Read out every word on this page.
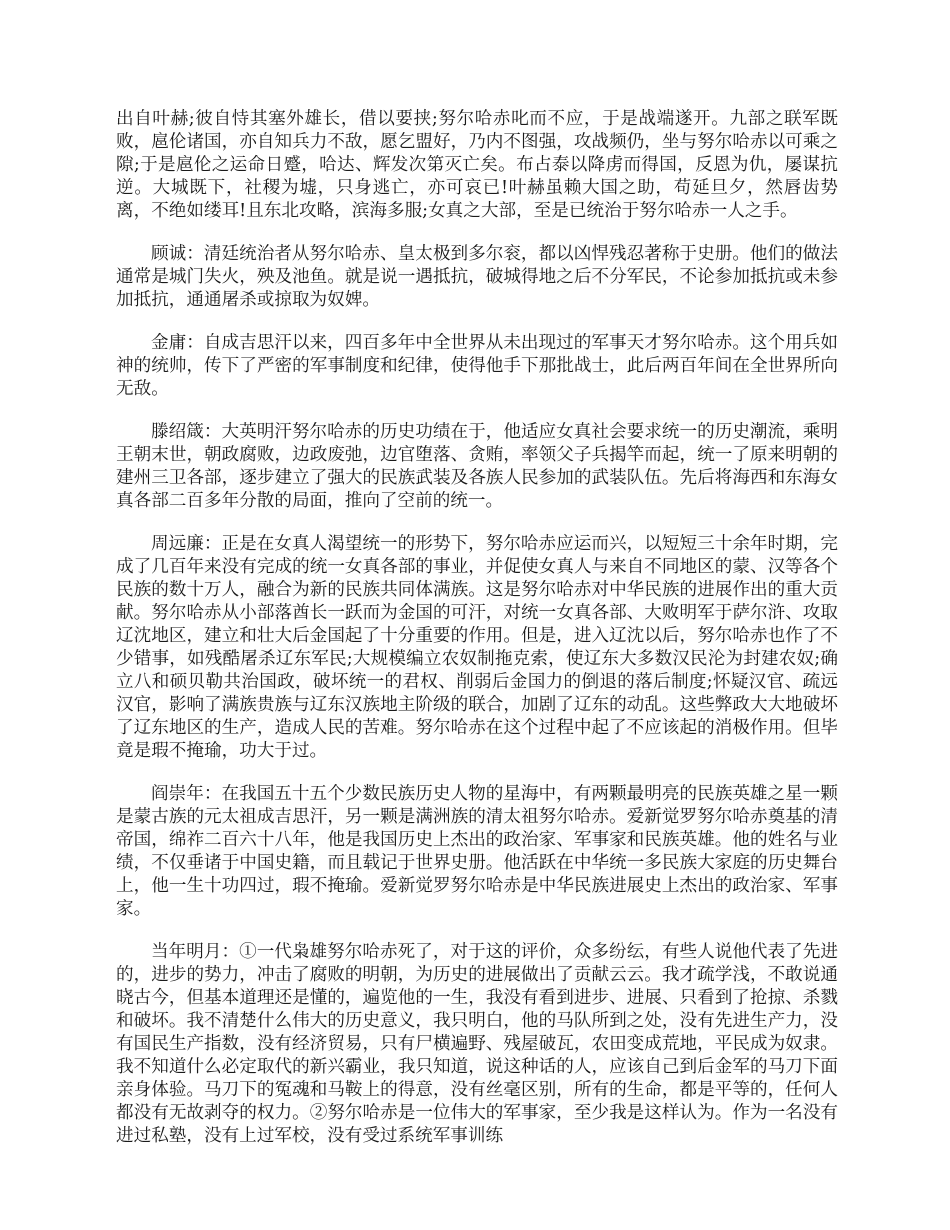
出自叶赫;彼自恃其塞外雄长，借以要挟;努尔哈赤叱而不应，于是战端遂开。九部之联军既败，扈伦诸国，亦自知兵力不敌，愿乞盟好，乃内不图强，攻战频仍，坐与努尔哈赤以可乘之隙;于是扈伦之运命日蹙，哈达、辉发次第灭亡矣。布占泰以降虏而得国，反恩为仇，屡谋抗逆。大城既下，社稷为墟，只身逃亡，亦可哀已!叶赫虽赖大国之助，苟延旦夕，然唇齿势离，不绝如缕耳!且东北攻略，滨海多服;女真之大部，至是已统治于努尔哈赤一人之手。

顾诚：清廷统治者从努尔哈赤、皇太极到多尔衮，都以凶悍残忍著称于史册。他们的做法通常是城门失火，殃及池鱼。就是说一遇抵抗，破城得地之后不分军民，不论参加抵抗或未参加抵抗，通通屠杀或掠取为奴婢。

金庸：自成吉思汗以来，四百多年中全世界从未出现过的军事天才努尔哈赤。这个用兵如神的统帅，传下了严密的军事制度和纪律，使得他手下那批战士，此后两百年间在全世界所向无敌。

滕绍箴：大英明汗努尔哈赤的历史功绩在于，他适应女真社会要求统一的历史潮流，乘明王朝末世，朝政腐败，边政废弛，边官堕落、贪贿，率领父子兵揭竿而起，统一了原来明朝的建州三卫各部，逐步建立了强大的民族武装及各族人民参加的武装队伍。先后将海西和东海女真各部二百多年分散的局面，推向了空前的统一。

周远廉：正是在女真人渴望统一的形势下，努尔哈赤应运而兴，以短短三十余年时期，完成了几百年来没有完成的统一女真各部的事业，并促使女真人与来自不同地区的蒙、汉等各个民族的数十万人，融合为新的民族共同体满族。这是努尔哈赤对中华民族的进展作出的重大贡献。努尔哈赤从小部落酋长一跃而为金国的可汗，对统一女真各部、大败明军于萨尔浒、攻取辽沈地区，建立和壮大后金国起了十分重要的作用。但是，进入辽沈以后，努尔哈赤也作了不少错事，如残酷屠杀辽东军民;大规模编立农奴制拖克索，使辽东大多数汉民沦为封建农奴;确立八和硕贝勒共治国政，破坏统一的君权、削弱后金国力的倒退的落后制度;怀疑汉官、疏远汉官，影响了满族贵族与辽东汉族地主阶级的联合，加剧了辽东的动乱。这些弊政大大地破坏了辽东地区的生产，造成人民的苦难。努尔哈赤在这个过程中起了不应该起的消极作用。但毕竟是瑕不掩瑜，功大于过。

阎崇年：在我国五十五个少数民族历史人物的星海中，有两颗最明亮的民族英雄之星一颗是蒙古族的元太祖成吉思汗，另一颗是满洲族的清太祖努尔哈赤。爱新觉罗努尔哈赤奠基的清帝国，绵祚二百六十八年，他是我国历史上杰出的政治家、军事家和民族英雄。他的姓名与业绩，不仅垂诸于中国史籍，而且载记于世界史册。他活跃在中华统一多民族大家庭的历史舞台上，他一生十功四过，瑕不掩瑜。爱新觉罗努尔哈赤是中华民族进展史上杰出的政治家、军事家。

当年明月：①一代枭雄努尔哈赤死了，对于这的评价，众多纷纭，有些人说他代表了先进的，进步的势力，冲击了腐败的明朝，为历史的进展做出了贡献云云。我才疏学浅，不敢说通晓古今，但基本道理还是懂的，遍览他的一生，我没有看到进步、进展、只看到了抢掠、杀戮和破坏。我不清楚什么伟大的历史意义，我只明白，他的马队所到之处，没有先进生产力，没有国民生产指数，没有经济贸易，只有尸横遍野、残屋破瓦，农田变成荒地，平民成为奴隶。我不知道什么必定取代的新兴霸业，我只知道，说这种话的人，应该自己到后金军的马刀下面亲身体验。马刀下的冤魂和马鞍上的得意，没有丝毫区别，所有的生命，都是平等的，任何人都没有无故剥夺的权力。②努尔哈赤是一位伟大的军事家，至少我是这样认为。作为一名没有进过私塾，没有上过军校，没有受过系统军事训练
